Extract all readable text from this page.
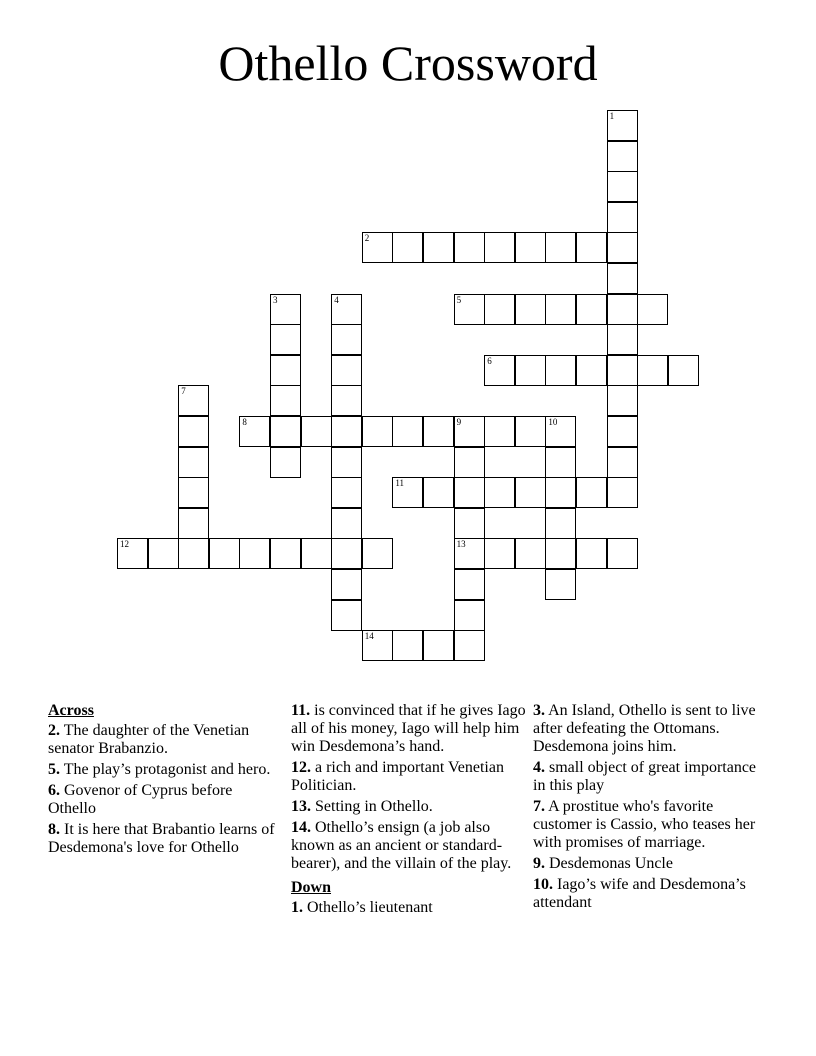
Othello Crossword
1
2
3	4	5
6
7
8	9	10
13
11
12
14
Across
2. The daughter of the Venetian senator Brabanzio.
5. The play’s protagonist and hero.
6. Govenor of Cyprus before Othello
8. It is here that Brabantio learns of Desdemona's love for Othello
11. is convinced that if he gives Iago all of his money, Iago will help him win Desdemona’s hand.
12. a rich and important Venetian Politician.
13. Setting in Othello.
14. Othello’s ensign (a job also known as an ancient or standard-bearer), and the villain of the play.
Down
1. Othello’s lieutenant
3. An Island, Othello is sent to live after defeating the Ottomans. Desdemona joins him.
4. small object of great importance in this play
7. A prostitue who's favorite customer is Cassio, who teases her with promises of marriage.
9. Desdemonas Uncle
10. Iago’s wife and Desdemona’s attendant
